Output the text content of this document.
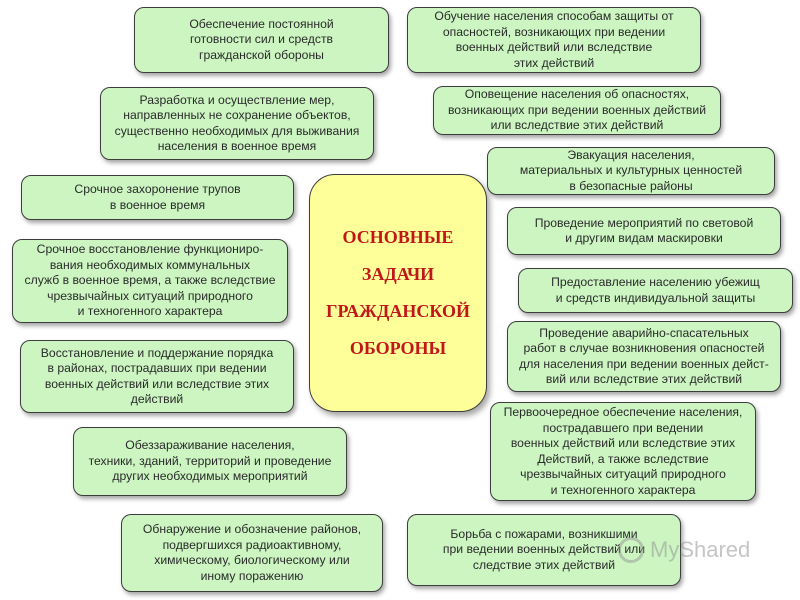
Обеспечение постоянной
готовности сил и средств
гражданской обороны
Обучение населения способам защиты от
опасностей, возникающих при ведении
военных действий или вследствие
этих действий
Разработка и осуществление мер,
направленных не сохранение объектов,
существенно необходимых для выживания
населения в военное время
Оповещение населения об опасностях,
возникающих при ведении военных действий
или вследствие этих действий
Эвакуация населения,
материальных и культурных ценностей
в безопасные районы
Срочное захоронение трупов
в военное время
Проведение мероприятий по световой
и другим видам маскировки
Срочное восстановление функциониро-
вания необходимых коммунальных
служб в военное время, а также вследствие
чрезвычайных ситуаций природного
и техногенного характера
Предоставление населению убежищ
и средств индивидуальной защиты
Проведение аварийно-спасательных
работ в случае возникновения опасностей
для населения при ведении военных дейст-
вий или вследствие этих действий
Восстановление и поддержание порядка
в районах, пострадавших при ведении
военных действий или вследствие этих
действий
Первоочередное обеспечение населения,
пострадавшего при ведении
военных действий или вследствие этих
Действий, а также вследствие
чрезвычайных ситуаций природного
и техногенного характера
Обеззараживание населения,
техники, зданий, территорий и проведение
других необходимых мероприятий
Обнаружение и обозначение районов,
подвергшихся радиоактивному,
химическому, биологическому или
иному поражению
Борьба с пожарами, возникшими
при ведении военных действий или
следствие этих действий
ОСНОВНЫЕ
ЗАДАЧИ
ГРАЖДАНСКОЙ
ОБОРОНЫ
MyShared
